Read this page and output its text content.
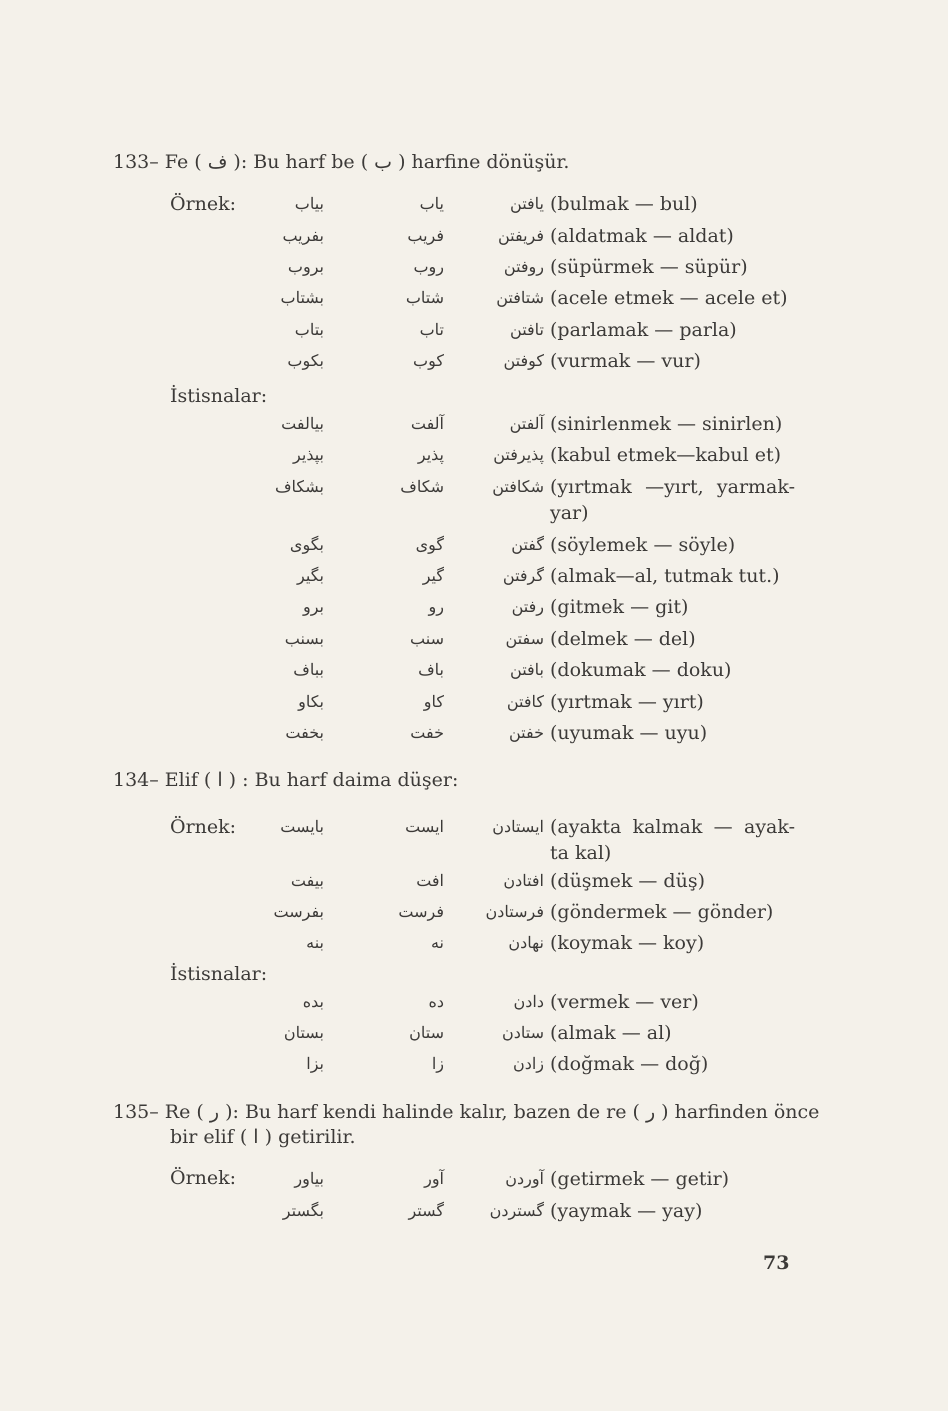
133– Fe ( ف ): Bu harf be ( ب ) harfine dönüşür.
Örnek:	بیاب	یاب	یافتن (bulmak — bul)
بفریب	فریب	فریفتن (aldatmak — aldat)
بروب	روب	روفتن (süpürmek — süpür)
بشتاب	شتاب	شتافتن (acele etmek — acele et)
بتاب	تاب	تافتن (parlamak — parla)
بکوب	کوب	کوفتن (vurmak — vur)
İstisnalar:
بیالفت	آلفت	آلفتن (sinirlenmek — sinirlen)
بپذیر	پذیر	پذیرفتن (kabul etmek—kabul et)
بشکاف	شکاف	شکافتن (yırtmak —yırt, yarmak-yar)
بگوی	گوی	گفتن (söylemek — söyle)
بگیر	گیر	گرفتن (almak—al, tutmak tut.)
برو	رو	رفتن (gitmek — git)
بسنب	سنب	سفتن (delmek — del)
بباف	باف	بافتن (dokumak — doku)
بکاو	کاو	کافتن (yırtmak — yırt)
بخفت	خفت	خفتن (uyumak — uyu)
134– Elif ( ا ) : Bu harf daima düşer:
Örnek:	بایست	ایست	ایستادن (ayakta kalmak — ayak-ta kal)
بیفت	افت	افتادن (düşmek — düş)
بفرست	فرست	فرستادن (göndermek — gönder)
بنه	نه	نهادن (koymak — koy)
İstisnalar:
بده	ده	دادن (vermek — ver)
بستان	ستان	ستادن (almak — al)
بزا	زا	زادن (doğmak — doğ)
135– Re ( ر ): Bu harf kendi halinde kalır, bazen de re ( ر ) harfinden önce
bir elif ( ا ) getirilir.
Örnek:	بیاور	آور	آوردن (getirmek — getir)
بگستر	گستر	گستردن (yaymak — yay)
73
